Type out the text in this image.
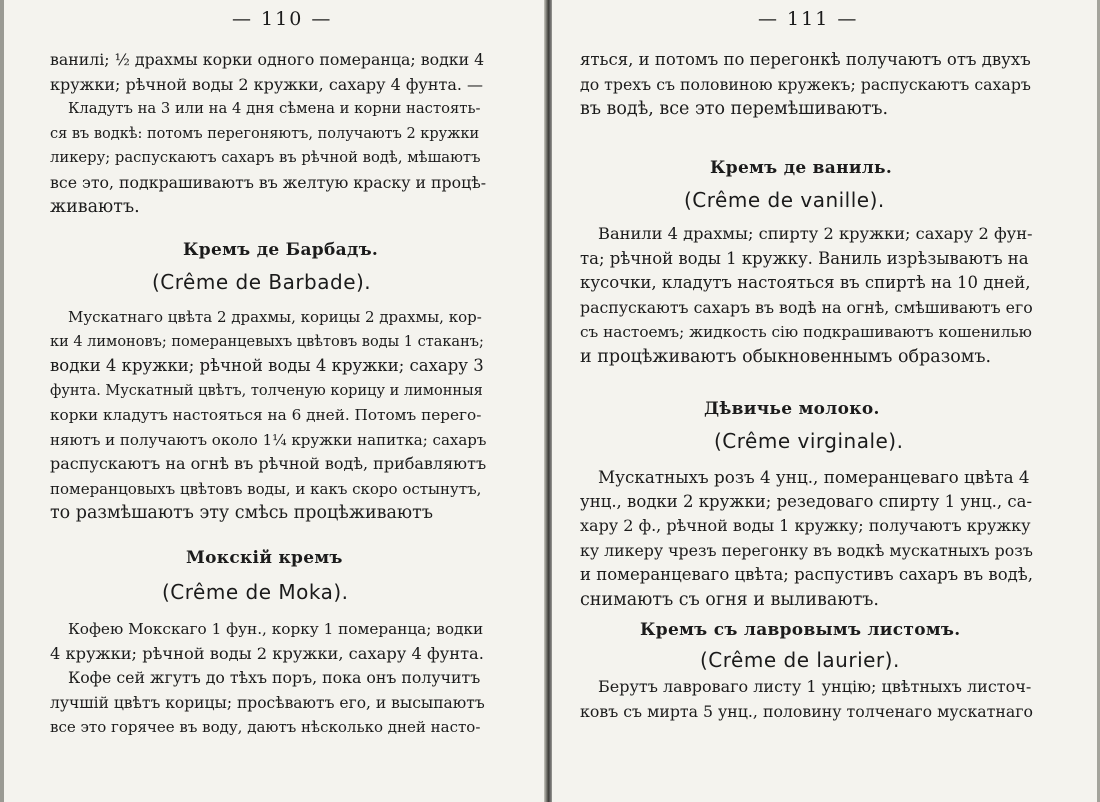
— 110 —
ванилі; ½ драхмы корки одного померанца; водки 4
кружки; рѣчной воды 2 кружки, сахару 4 фунта. —
Кладутъ на 3 или на 4 дня сѣмена и корни настоять-
ся въ водкѣ: потомъ перегоняютъ, получаютъ 2 кружки
ликеру; распускаютъ сахаръ въ рѣчной водѣ, мѣшаютъ
все это, подкрашиваютъ въ желтую краску и процѣ-
живаютъ.
Кремъ де Барбадъ.
(Crême de Barbade).
Мускатнаго цвѣта 2 драхмы, корицы 2 драхмы, кор-
ки 4 лимоновъ; померанцевыхъ цвѣтовъ воды 1 стаканъ;
водки 4 кружки; рѣчной воды 4 кружки; сахару 3
фунта. Мускатный цвѣтъ, толченую корицу и лимонныя
корки кладутъ настояться на 6 дней. Потомъ перего-
няютъ и получаютъ около 1¼ кружки напитка; сахаръ
распускаютъ на огнѣ въ рѣчной водѣ, прибавляютъ
померанцовыхъ цвѣтовъ воды, и какъ скоро остынутъ,
то размѣшаютъ эту смѣсь процѣживаютъ
Мокскій кремъ
(Crême de Moka).
Кофею Мокскаго 1 фун., корку 1 померанца; водки
4 кружки; рѣчной воды 2 кружки, сахару 4 фунта.
Кофе сей жгутъ до тѣхъ поръ, пока онъ получитъ
лучшій цвѣтъ корицы; просѣваютъ его, и высыпаютъ
все это горячее въ воду, даютъ нѣсколько дней насто-
— 111 —
яться, и потомъ по перегонкѣ получаютъ отъ двухъ
до трехъ съ половиною кружекъ; распускаютъ сахаръ
въ водѣ, все это перемѣшиваютъ.
Кремъ де ваниль.
(Crême de vanille).
Ванили 4 драхмы; спирту 2 кружки; сахару 2 фун-
та; рѣчной воды 1 кружку. Ваниль изрѣзываютъ на
кусочки, кладутъ настояться въ спиртѣ на 10 дней,
распускаютъ сахаръ въ водѣ на огнѣ, смѣшиваютъ его
съ настоемъ; жидкость сію подкрашиваютъ кошенилью
и процѣживаютъ обыкновеннымъ образомъ.
Дѣвичье молоко.
(Crême virginale).
Мускатныхъ розъ 4 унц., померанцеваго цвѣта 4
унц., водки 2 кружки; резедоваго спирту 1 унц., са-
хару 2 ф., рѣчной воды 1 кружку; получаютъ кружку
ку ликеру чрезъ перегонку въ водкѣ мускатныхъ розъ
и померанцеваго цвѣта; распустивъ сахаръ въ водѣ,
снимаютъ съ огня и выливаютъ.
Кремъ съ лавровымъ листомъ.
(Crême de laurier).
Берутъ лавроваго листу 1 унцію; цвѣтныхъ листоч-
ковъ съ мирта 5 унц., половину толченаго мускатнаго
